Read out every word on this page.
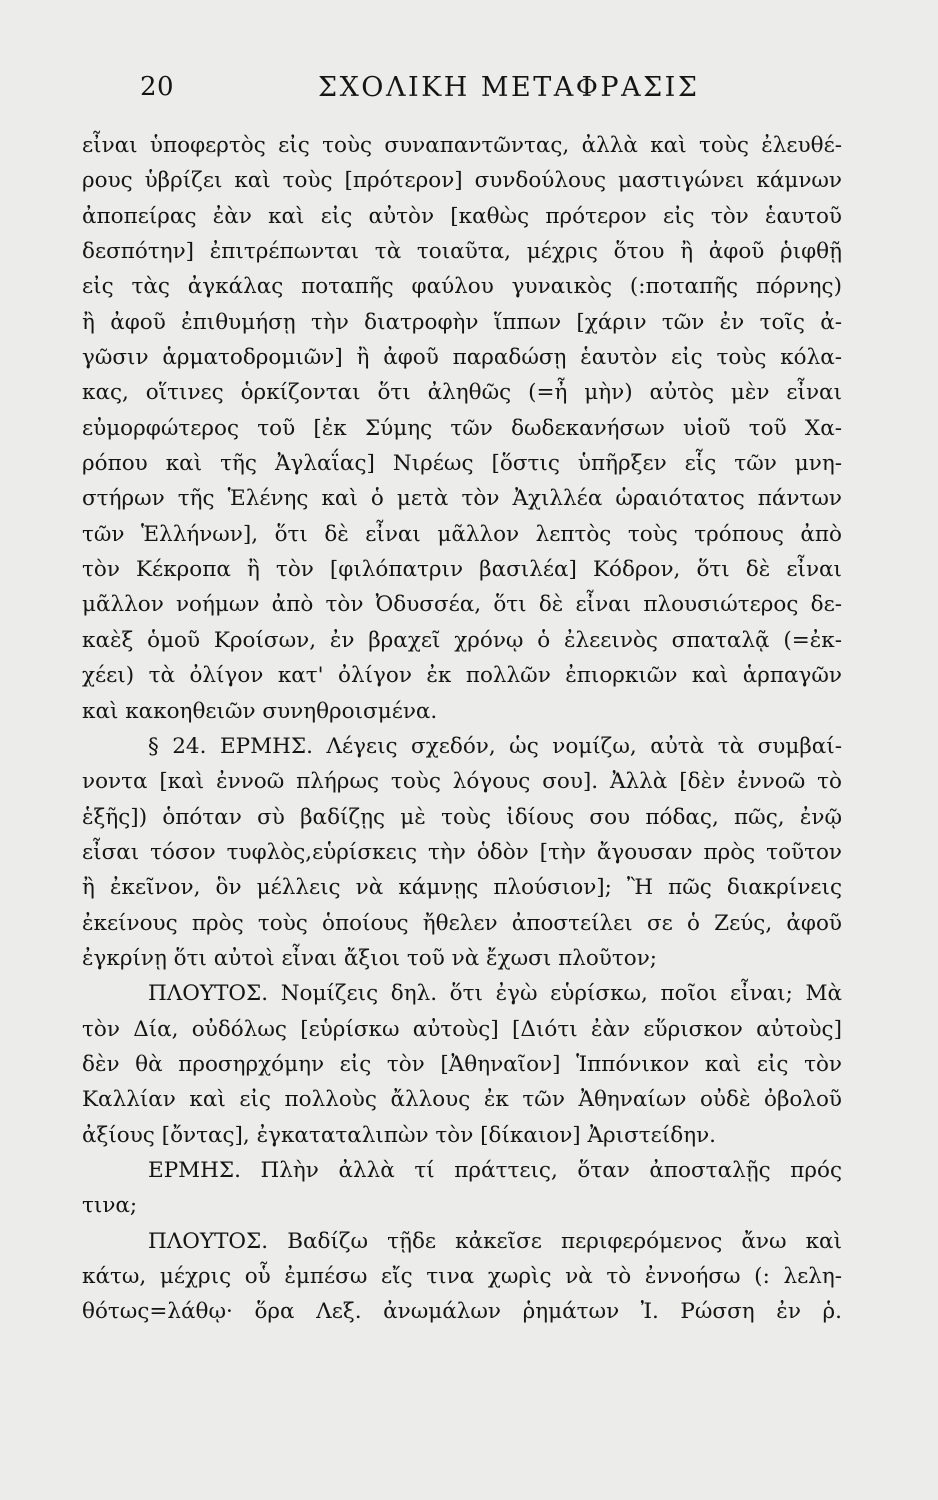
20	ΣΧΟΛΙΚΗ ΜΕΤΑΦΡΑΣΙΣ
εἶναι ὑποφερτὸς εἰς τοὺς συναπαντῶντας, ἀλλὰ καὶ τοὺς ἐλευθέ-
ρους ὑβρίζει καὶ τοὺς [πρότερον] συνδούλους μαστιγώνει κάμνων
ἀποπείρας ἐὰν καὶ εἰς αὐτὸν [καθὼς πρότερον εἰς τὸν ἑαυτοῦ
δεσπότην] ἐπιτρέπωνται τὰ τοιαῦτα, μέχρις ὅτου ἢ ἀφοῦ ῥιφθῇ
εἰς τὰς ἀγκάλας ποταπῆς φαύλου γυναικὸς (:ποταπῆς πόρνης)
ἢ ἀφοῦ ἐπιθυμήσῃ τὴν διατροφὴν ἵππων [χάριν τῶν ἐν τοῖς ἀ-
γῶσιν ἁρματοδρομιῶν] ἢ ἀφοῦ παραδώσῃ ἑαυτὸν εἰς τοὺς κόλα-
κας, οἵτινες ὁρκίζονται ὅτι ἀληθῶς (=ἦ μὴν) αὐτὸς μὲν εἶναι
εὐμορφώτερος τοῦ [ἐκ Σύμης τῶν δωδεκανήσων υἱοῦ τοῦ Χα-
ρόπου καὶ τῆς Ἀγλαΐας] Νιρέως [ὅστις ὑπῆρξεν εἷς τῶν μνη-
στήρων τῆς Ἑλένης καὶ ὁ μετὰ τὸν Ἀχιλλέα ὡραιότατος πάντων
τῶν Ἑλλήνων], ὅτι δὲ εἶναι μᾶλλον λεπτὸς τοὺς τρόπους ἀπὸ
τὸν Κέκροπα ἢ τὸν [φιλόπατριν βασιλέα] Κόδρον, ὅτι δὲ εἶναι
μᾶλλον νοήμων ἀπὸ τὸν Ὀδυσσέα, ὅτι δὲ εἶναι πλουσιώτερος δε-
καὲξ ὁμοῦ Κροίσων, ἐν βραχεῖ χρόνῳ ὁ ἐλεεινὸς σπαταλᾷ (=ἐκ-
χέει) τὰ ὀλίγον κατ' ὀλίγον ἐκ πολλῶν ἐπιορκιῶν καὶ ἁρπαγῶν
καὶ κακοηθειῶν συνηθροισμένα.
§ 24. ΕΡΜΗΣ. Λέγεις σχεδόν, ὡς νομίζω, αὐτὰ τὰ συμβαί-
νοντα [καὶ ἐννοῶ πλήρως τοὺς λόγους σου]. Ἀλλὰ [δὲν ἐννοῶ τὸ
ἑξῆς]) ὁπόταν σὺ βαδίζῃς μὲ τοὺς ἰδίους σου πόδας, πῶς, ἐνῷ
εἶσαι τόσον τυφλὸς,εὑρίσκεις τὴν ὁδὸν [τὴν ἄγουσαν πρὸς τοῦτον
ἢ ἐκεῖνον, ὃν μέλλεις νὰ κάμνῃς πλούσιον]; Ἢ πῶς διακρίνεις
ἐκείνους πρὸς τοὺς ὁποίους ἤθελεν ἀποστείλει σε ὁ Ζεύς, ἀφοῦ
ἐγκρίνῃ ὅτι αὐτοὶ εἶναι ἄξιοι τοῦ νὰ ἔχωσι πλοῦτον;
ΠΛΟΥΤΟΣ. Νομίζεις δηλ. ὅτι ἐγὼ εὑρίσκω, ποῖοι εἶναι; Μὰ
τὸν Δία, οὐδόλως [εὑρίσκω αὐτοὺς] [Διότι ἐὰν εὕρισκον αὐτοὺς]
δὲν θὰ προσηρχόμην εἰς τὸν [Ἀθηναῖον] Ἱππόνικον καὶ εἰς τὸν
Καλλίαν καὶ εἰς πολλοὺς ἄλλους ἐκ τῶν Ἀθηναίων οὐδὲ ὀβολοῦ
ἀξίους [ὄντας], ἐγκαταταλιπὼν τὸν [δίκαιον] Ἀριστείδην.
ΕΡΜΗΣ. Πλὴν ἀλλὰ τί πράττεις, ὅταν ἀποσταλῇς πρός
τινα;
ΠΛΟΥΤΟΣ. Βαδίζω τῇδε κἀκεῖσε περιφερόμενος ἄνω καὶ
κάτω, μέχρις οὗ ἐμπέσω εἴς τινα χωρὶς νὰ τὸ ἐννοήσω (: λελη-
θότως=λάθῳ· ὅρα Λεξ. ἀνωμάλων ῥημάτων Ἰ. Ρώσση ἐν ῥ.
